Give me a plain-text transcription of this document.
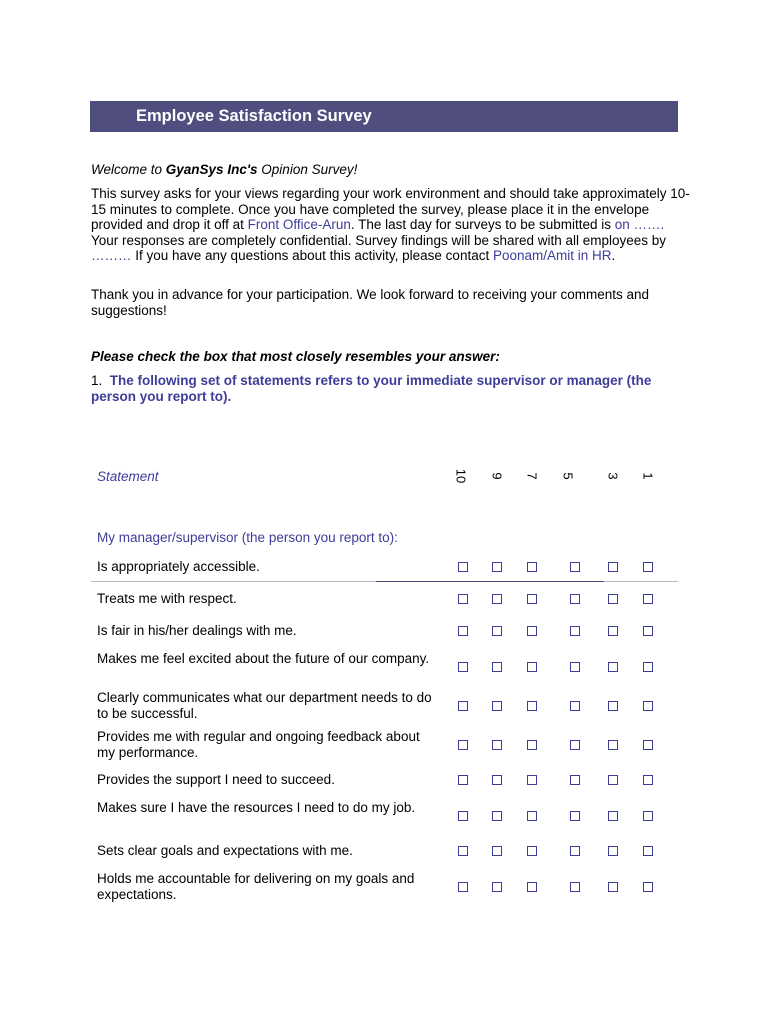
Employee Satisfaction Survey
Welcome to GyanSys Inc's Opinion Survey!
This survey asks for your views regarding your work environment and should take approximately 10-15 minutes to complete. Once you have completed the survey, please place it in the envelope provided and drop it off at Front Office-Arun. The last day for surveys to be submitted is on ……. Your responses are completely confidential. Survey findings will be shared with all employees by ……… If you have any questions about this activity, please contact Poonam/Amit in HR.
Thank you in advance for your participation. We look forward to receiving your comments and suggestions!
Please check the box that most closely resembles your answer:
1. The following set of statements refers to your immediate supervisor or manager (the person you report to).
Statement	10 9 7 5 3 1
My manager/supervisor (the person you report to):
Is appropriately accessible.
Treats me with respect.
Is fair in his/her dealings with me.
Makes me feel excited about the future of our company.
Clearly communicates what our department needs to do to be successful.
Provides me with regular and ongoing feedback about my performance.
Provides the support I need to succeed.
Makes sure I have the resources I need to do my job.
Sets clear goals and expectations with me.
Holds me accountable for delivering on my goals and expectations.
